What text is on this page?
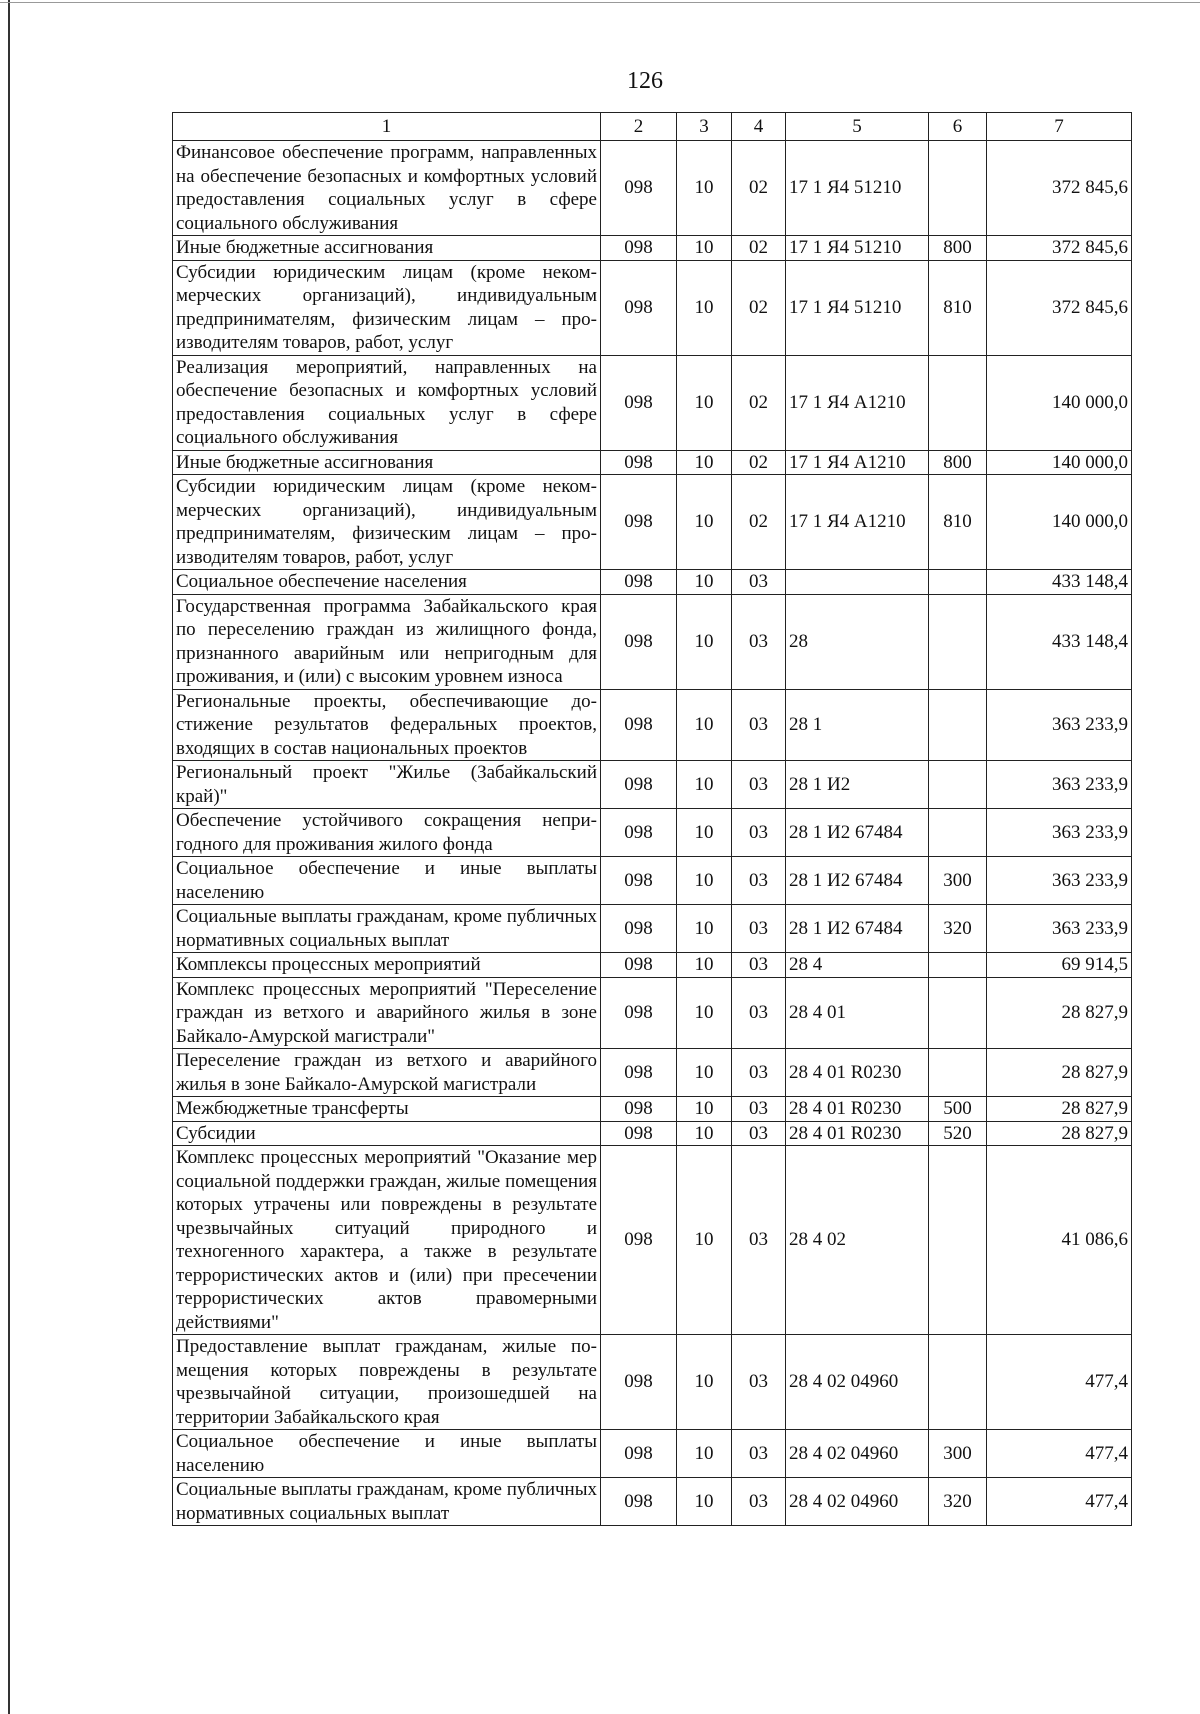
126
1	2	3	4	5	6	7
Финансовое обеспечение программ, направленных на обеспечение безопасных и комфортных условий предоставления социальных услуг в сфере социального обслуживания	098	10	02	17 1 Я4 51210		372 845,6
Иные бюджетные ассигнования	098	10	02	17 1 Я4 51210	800	372 845,6
Субсидии юридическим лицам (кроме некоммерческих организаций), индивидуальным предпринимателям, физическим лицам – производителям товаров, работ, услуг	098	10	02	17 1 Я4 51210	810	372 845,6
Реализация мероприятий, направленных на обеспечение безопасных и комфортных условий предоставления социальных услуг в сфере социального обслуживания	098	10	02	17 1 Я4 А1210		140 000,0
Иные бюджетные ассигнования	098	10	02	17 1 Я4 А1210	800	140 000,0
Субсидии юридическим лицам (кроме некоммерческих организаций), индивидуальным предпринимателям, физическим лицам – производителям товаров, работ, услуг	098	10	02	17 1 Я4 А1210	810	140 000,0
Социальное обеспечение населения	098	10	03			433 148,4
Государственная программа Забайкальского края по переселению граждан из жилищного фонда, признанного аварийным или непригодным для проживания, и (или) с высоким уровнем износа	098	10	03	28		433 148,4
Региональные проекты, обеспечивающие достижение результатов федеральных проектов, входящих в состав национальных проектов	098	10	03	28 1		363 233,9
Региональный проект "Жилье (Забайкальский край)"	098	10	03	28 1 И2		363 233,9
Обеспечение устойчивого сокращения непригодного для проживания жилого фонда	098	10	03	28 1 И2 67484		363 233,9
Социальное обеспечение и иные выплаты населению	098	10	03	28 1 И2 67484	300	363 233,9
Социальные выплаты гражданам, кроме публичных нормативных социальных выплат	098	10	03	28 1 И2 67484	320	363 233,9
Комплексы процессных мероприятий	098	10	03	28 4		69 914,5
Комплекс процессных мероприятий "Переселение граждан из ветхого и аварийного жилья в зоне Байкало-Амурской магистрали"	098	10	03	28 4 01		28 827,9
Переселение граждан из ветхого и аварийного жилья в зоне Байкало-Амурской магистрали	098	10	03	28 4 01 R0230		28 827,9
Межбюджетные трансферты	098	10	03	28 4 01 R0230	500	28 827,9
Субсидии	098	10	03	28 4 01 R0230	520	28 827,9
Комплекс процессных мероприятий "Оказание мер социальной поддержки граждан, жилые помещения которых утрачены или повреждены в результате чрезвычайных ситуаций природного и техногенного характера, а также в результате террористических актов и (или) при пресечении террористических актов правомерными действиями"	098	10	03	28 4 02		41 086,6
Предоставление выплат гражданам, жилые помещения которых повреждены в результате чрезвычайной ситуации, произошедшей на территории Забайкальского края	098	10	03	28 4 02 04960		477,4
Социальное обеспечение и иные выплаты населению	098	10	03	28 4 02 04960	300	477,4
Социальные выплаты гражданам, кроме публичных нормативных социальных выплат	098	10	03	28 4 02 04960	320	477,4
